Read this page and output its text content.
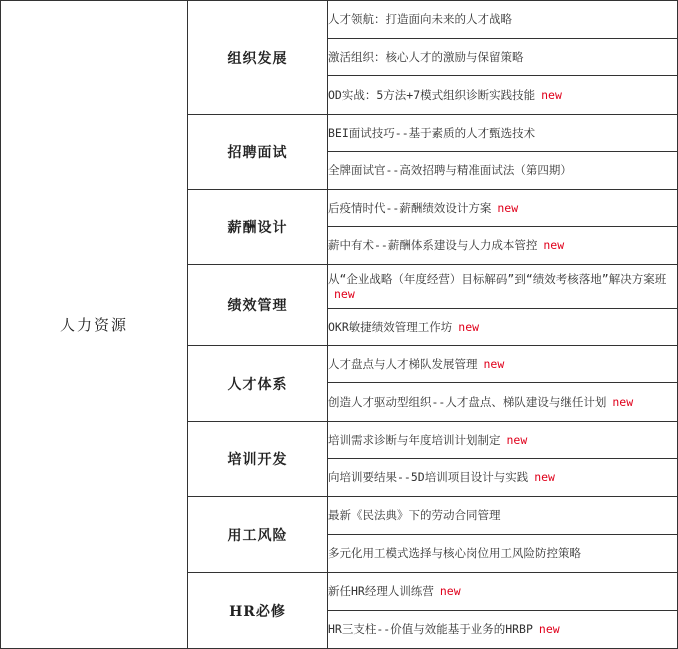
人力资源	组织发展	人才领航：打造面向未来的人才战略
		激活组织：核心人才的激励与保留策略
		OD实战：5方法+7模式组织诊断实践技能 new
	招聘面试	BEI面试技巧--基于素质的人才甄选技术
		全牌面试官--高效招聘与精准面试法（第四期）
	薪酬设计	后疫情时代--薪酬绩效设计方案 new
		薪中有术--薪酬体系建设与人力成本管控 new
	绩效管理	从“企业战略（年度经营）目标解码”到“绩效考核落地”解决方案班new
		OKR敏捷绩效管理工作坊 new
	人才体系	人才盘点与人才梯队发展管理 new
		创造人才驱动型组织--人才盘点、梯队建设与继任计划 new
	培训开发	培训需求诊断与年度培训计划制定 new
		向培训要结果--5D培训项目设计与实践 new
	用工风险	最新《民法典》下的劳动合同管理
		多元化用工模式选择与核心岗位用工风险防控策略
	HR必修	新任HR经理人训练营 new
		HR三支柱--价值与效能基于业务的HRBP new
